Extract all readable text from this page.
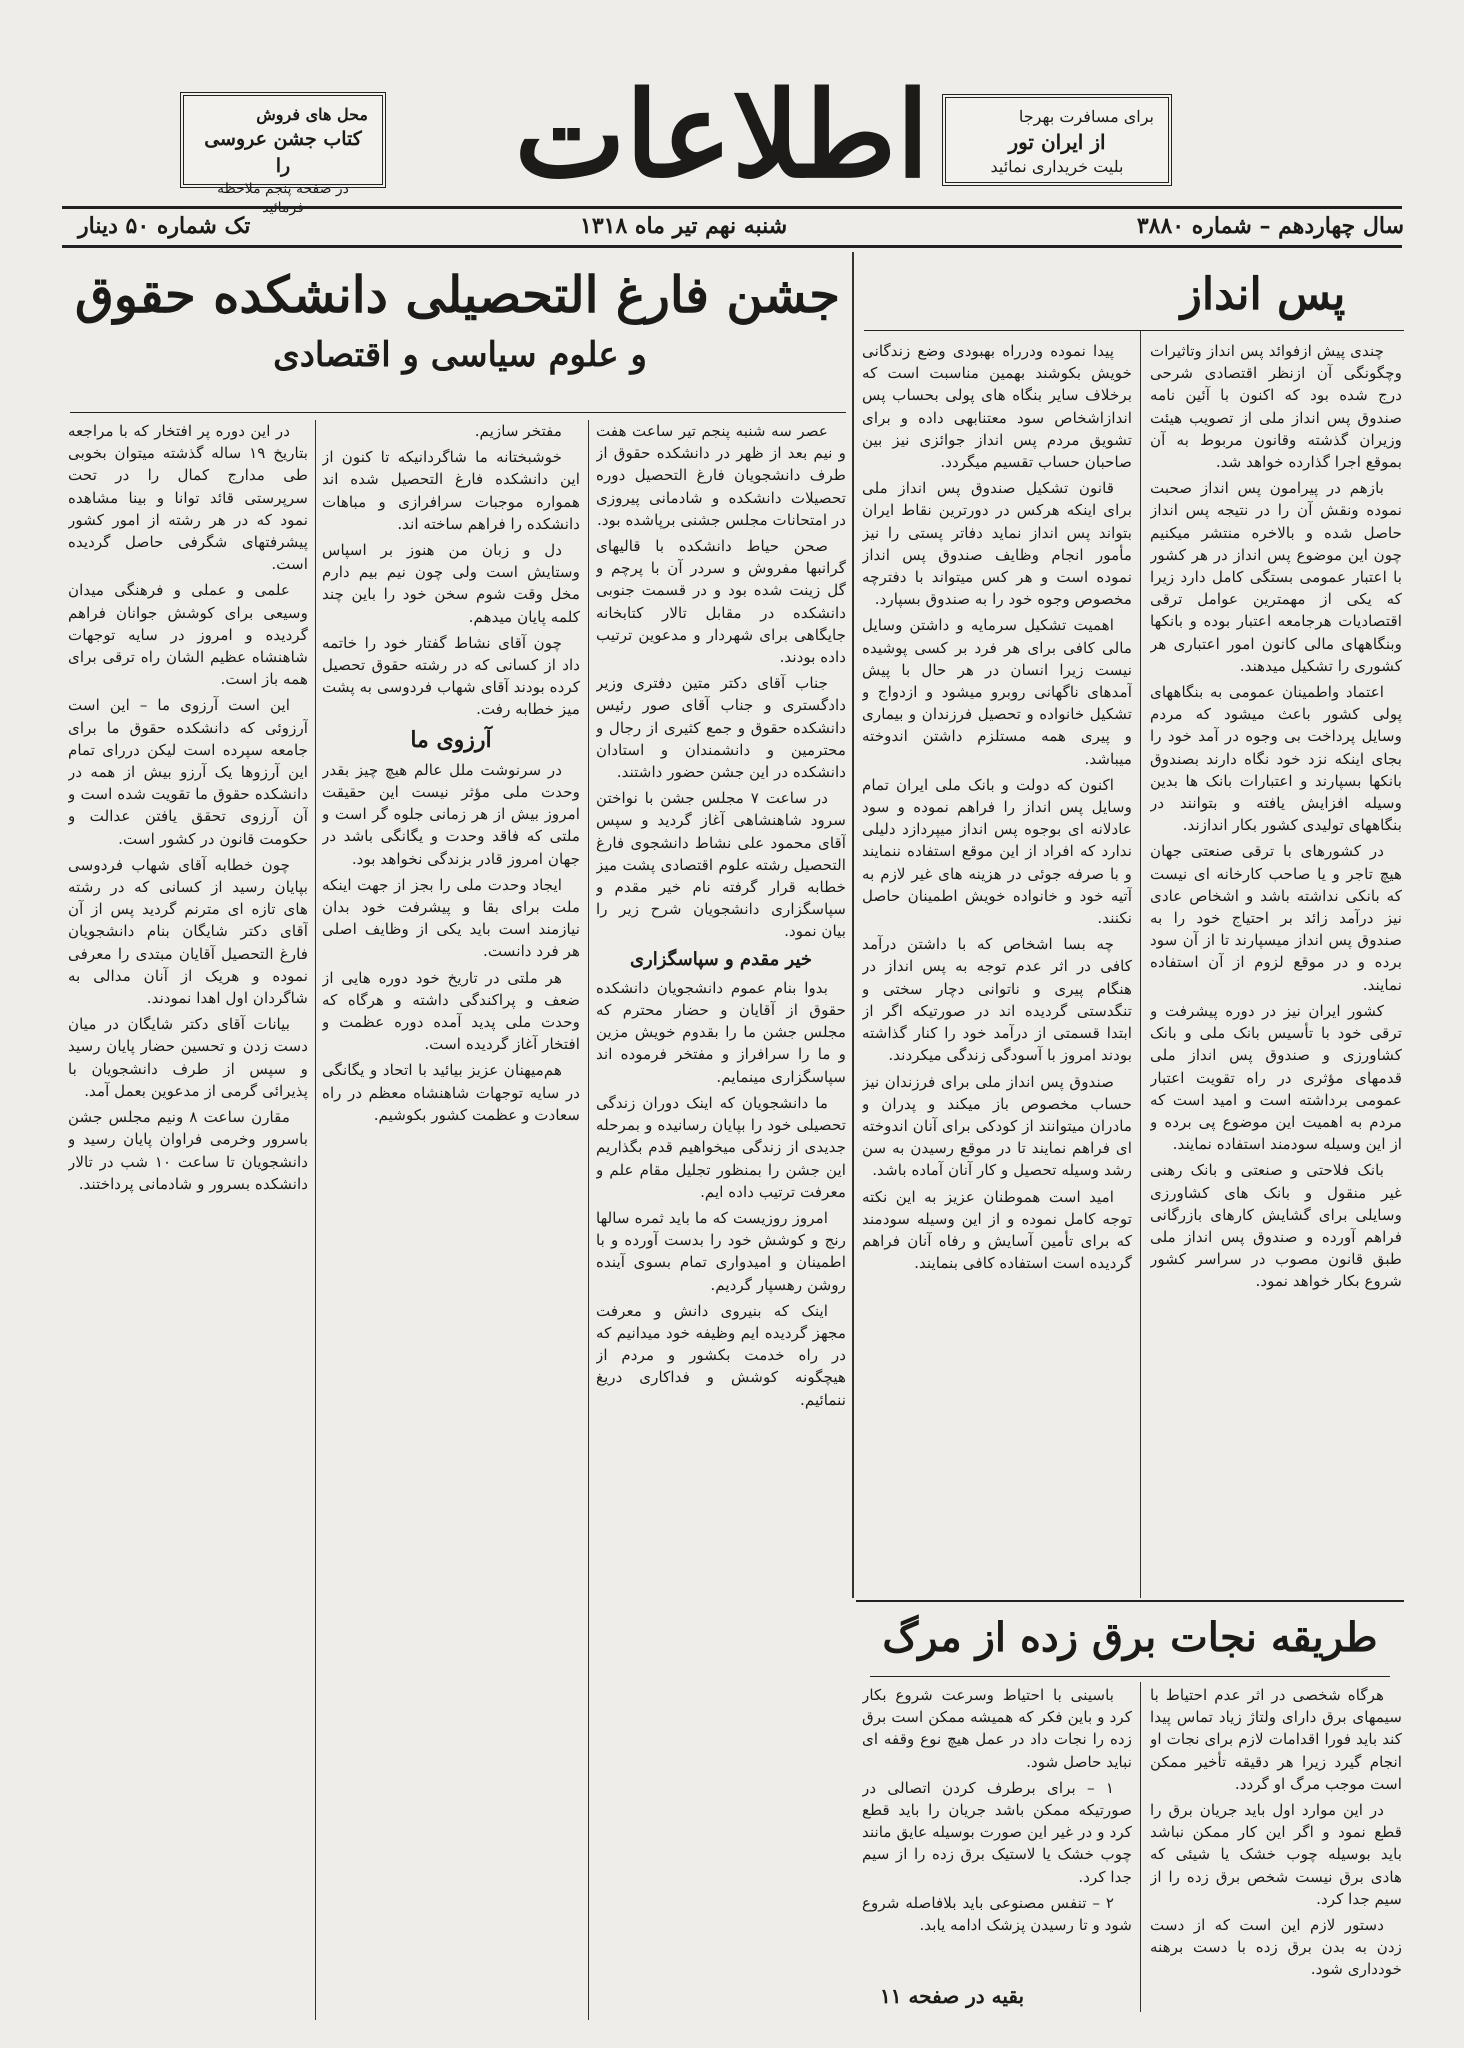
برای مسافرت بهرجا
از ایران تور
بلیت خریداری نمائید
اطلاعات
محل های فروش
کتاب جشن عروسی را
در صفحه پنجم ملاحظه
سال چهاردهم – شماره ۳۸۸۰
شنبه نهم تیر ماه ۱۳۱۸
تک شماره ۵۰ دینار
پس انداز

چندی پیش ازفوائد پس انداز وتاثیرات وچگونگی آن ازنظر اقتصادی شرحی درج شده بود که اکنون با آئین نامه صندوق پس انداز ملی از تصویب هیئت وزیران گذشته وقانون مربوط به آن بموقع اجرا گذارده خواهد شد.

بازهم در پیرامون پس انداز صحبت نموده ونقش آن را در نتیجه پس انداز حاصل شده و بالاخره منتشر میکنیم چون این موضوع پس انداز در هر کشور با اعتبار عمومی بستگی کامل دارد زیرا که یکی از مهمترین عوامل ترقی اقتصادیات هرجامعه اعتبار بوده و بانکها وبنگاههای مالی کانون امور اعتباری هر کشوری را تشکیل میدهند.

اعتماد واطمینان عمومی به بنگاههای پولی کشور باعث میشود که مردم وسایل پرداخت بی وجوه در آمد خود را بجای اینکه نزد خود نگاه دارند بصندوق بانکها بسپارند و اعتبارات بانک ها بدین وسیله افزایش یافته و بتوانند در بنگاههای تولیدی کشور بکار اندازند.

در کشورهای با ترقی صنعتی جهان هیچ تاجر و یا صاحب کارخانه ای نیست که بانکی نداشته باشد و اشخاص عادی نیز درآمد زائد بر احتیاج خود را به صندوق پس انداز میسپارند تا از آن سود برده و در موقع لزوم از آن استفاده نمایند.

کشور ایران نیز در دوره پیشرفت و ترقی خود با تأسیس بانک ملی و بانک کشاورزی و صندوق پس انداز ملی قدمهای مؤثری در راه تقویت اعتبار عمومی برداشته است و امید است که مردم به اهمیت این موضوع پی برده و از این وسیله سودمند استفاده نمایند.

بانک فلاحتی و صنعتی و بانک رهنی غیر منقول و بانک های کشاورزی وسایلی برای گشایش کارهای بازرگانی فراهم آورده و صندوق پس انداز ملی طبق قانون مصوب در سراسر کشور شروع بکار خواهد نمود.

پیدا نموده ودرراه بهبودی وضع زندگانی خویش بکوشند بهمین مناسبت است که برخلاف سایر بنگاه های پولی بحساب پس اندازاشخاص سود معتنابهی داده و برای تشویق مردم پس انداز جوائزی نیز بین صاحبان حساب تقسیم میگردد.

قانون تشکیل صندوق پس انداز ملی برای اینکه هرکس در دورترین نقاط ایران بتواند پس انداز نماید دفاتر پستی را نیز مأمور انجام وظایف صندوق پس انداز نموده است و هر کس میتواند با دفترچه مخصوص وجوه خود را به صندوق بسپارد.

اهمیت تشکیل سرمایه و داشتن وسایل مالی کافی برای هر فرد بر کسی پوشیده نیست زیرا انسان در هر حال با پیش آمدهای ناگهانی روبرو میشود و ازدواج و تشکیل خانواده و تحصیل فرزندان و بیماری و پیری همه مستلزم داشتن اندوخته میباشد.

اکنون که دولت و بانک ملی ایران تمام وسایل پس انداز را فراهم نموده و سود عادلانه ای بوجوه پس انداز میپردازد دلیلی ندارد که افراد از این موقع استفاده ننمایند و با صرفه جوئی در هزینه های غیر لازم به آتیه خود و خانواده خویش اطمینان حاصل نکنند.

چه بسا اشخاص که با داشتن درآمد کافی در اثر عدم توجه به پس انداز در هنگام پیری و ناتوانی دچار سختی و تنگدستی گردیده اند در صورتیکه اگر از ابتدا قسمتی از درآمد خود را کنار گذاشته بودند امروز با آسودگی زندگی میکردند.

صندوق پس انداز ملی برای فرزندان نیز حساب مخصوص باز میکند و پدران و مادران میتوانند از کودکی برای آنان اندوخته ای فراهم نمایند تا در موقع رسیدن به سن رشد وسیله تحصیل و کار آنان آماده باشد.

امید است هموطنان عزیز به این نکته توجه کامل نموده و از این وسیله سودمند که برای تأمین آسایش و رفاه آنان فراهم گردیده است استفاده کافی بنمایند.

طریقه نجات برق زده از مرگ

هرگاه شخصی در اثر عدم احتیاط با سیمهای برق دارای ولتاژ زیاد تماس پیدا کند باید فورا اقدامات لازم برای نجات او انجام گیرد زیرا هر دقیقه تأخیر ممکن است موجب مرگ او گردد.

در این موارد اول باید جریان برق را قطع نمود و اگر این کار ممکن نباشد باید بوسیله چوب خشک یا شیئی که هادی برق نیست شخص برق زده را از سیم جدا کرد.

دستور لازم این است که از دست زدن به بدن برق زده با دست برهنه خودداری شود.

باسینی با احتیاط وسرعت شروع بکار کرد و باین فکر که همیشه ممکن است برق زده را نجات داد در عمل هیچ نوع وقفه ای نباید حاصل شود.

۱ – برای برطرف کردن اتصالی در صورتیکه ممکن باشد جریان را باید قطع کرد و در غیر این صورت بوسیله عایق مانند چوب خشک یا لاستیک برق زده را از سیم جدا کرد.

۲ – تنفس مصنوعی باید بلافاصله شروع شود و تا رسیدن پزشک ادامه یابد.

بقیه در صفحه ۱۱
جشن فارغ التحصیلی دانشکده حقوق
و علوم سیاسی و اقتصادی

عصر سه شنبه پنجم تیر ساعت هفت و نیم بعد از ظهر در دانشکده حقوق از طرف دانشجویان فارغ التحصیل دوره تحصیلات دانشکده و شادمانی پیروزی در امتحانات مجلس جشنی برپاشده بود.

صحن حیاط دانشکده با قالیهای گرانبها مفروش و سردر آن با پرچم و گل زینت شده بود و در قسمت جنوبی دانشکده در مقابل تالار کتابخانه جایگاهی برای شهردار و مدعوین ترتیب داده بودند.

جناب آقای دکتر متین دفتری وزیر دادگستری و جناب آقای صور رئیس دانشکده حقوق و جمع کثیری از رجال و محترمین و دانشمندان و استادان دانشکده در این جشن حضور داشتند.

در ساعت ۷ مجلس جشن با نواختن سرود شاهنشاهی آغاز گردید و سپس آقای محمود علی نشاط دانشجوی فارغ التحصیل رشته علوم اقتصادی پشت میز خطابه قرار گرفته نام خیر مقدم و سپاسگزاری دانشجویان شرح زیر را بیان نمود.

خیر مقدم و سپاسگزاری

بدوا بنام عموم دانشجویان دانشکده حقوق از آقایان و حضار محترم که مجلس جشن ما را بقدوم خویش مزین و ما را سرافراز و مفتخر فرموده اند سپاسگزاری مینمایم.

ما دانشجویان که اینک دوران زندگی تحصیلی خود را بپایان رسانیده و بمرحله جدیدی از زندگی میخواهیم قدم بگذاریم این جشن را بمنظور تجلیل مقام علم و معرفت ترتیب داده ایم.

امروز روزیست که ما باید ثمره سالها رنج و کوشش خود را بدست آورده و با اطمینان و امیدواری تمام بسوی آینده روشن رهسپار گردیم.

اینک که بنیروی دانش و معرفت مجهز گردیده ایم وظیفه خود میدانیم که در راه خدمت بکشور و مردم از هیچگونه کوشش و فداکاری دریغ ننمائیم.

مفتخر سازیم.

خوشبختانه ما شاگردانیکه تا کنون از این دانشکده فارغ التحصیل شده اند همواره موجبات سرافرازی و مباهات دانشکده را فراهم ساخته اند.

دل و زبان من هنوز بر اسپاس وستایش است ولی چون نیم بیم دارم مخل وقت شوم سخن خود را باین چند کلمه پایان میدهم.

چون آقای نشاط گفتار خود را خاتمه داد از کسانی که در رشته حقوق تحصیل کرده بودند آقای شهاب فردوسی به پشت میز خطابه رفت.

آرزوی ما

در سرنوشت ملل عالم هیچ چیز بقدر وحدت ملی مؤثر نیست این حقیقت امروز بیش از هر زمانی جلوه گر است و ملتی که فاقد وحدت و یگانگی باشد در جهان امروز قادر بزندگی نخواهد بود.

ایجاد وحدت ملی را بجز از جهت اینکه ملت برای بقا و پیشرفت خود بدان نیازمند است باید یکی از وظایف اصلی هر فرد دانست.

هر ملتی در تاریخ خود دوره هایی از ضعف و پراکندگی داشته و هرگاه که وحدت ملی پدید آمده دوره عظمت و افتخار آغاز گردیده است.

هم‌میهنان عزیز بیائید با اتحاد و یگانگی در سایه توجهات شاهنشاه معظم در راه سعادت و عظمت کشور بکوشیم.

در این دوره پر افتخار که با مراجعه بتاریخ ۱۹ ساله گذشته میتوان بخوبی طی مدارج کمال را در تحت سرپرستی قائد توانا و بینا مشاهده نمود که در هر رشته از امور کشور پیشرفتهای شگرفی حاصل گردیده است.

علمی و عملی و فرهنگی میدان وسیعی برای کوشش جوانان فراهم گردیده و امروز در سایه توجهات شاهنشاه عظیم الشان راه ترقی برای همه باز است.

این است آرزوی ما – این است آرزوئی که دانشکده حقوق ما برای جامعه سپرده است لیکن دررای تمام این آرزوها یک آرزو بیش از همه در دانشکده حقوق ما تقویت شده است و آن آرزوی تحقق یافتن عدالت و حکومت قانون در کشور است.

چون خطابه آقای شهاب فردوسی بپایان رسید از کسانی که در رشته های تازه ای مترنم گردید پس از آن آقای دکتر شایگان بنام دانشجویان فارغ التحصیل آقایان مبتدی را معرفی نموده و هریک از آنان مدالی به شاگردان اول اهدا نمودند.

بیانات آقای دکتر شایگان در میان دست زدن و تحسین حضار پایان رسید و سپس از طرف دانشجویان با پذیرائی گرمی از مدعوین بعمل آمد.

مقارن ساعت ۸ ونیم مجلس جشن باسرور وخرمی فراوان پایان رسید و دانشجویان تا ساعت ۱۰ شب در تالار دانشکده بسرور و شادمانی پرداختند.
